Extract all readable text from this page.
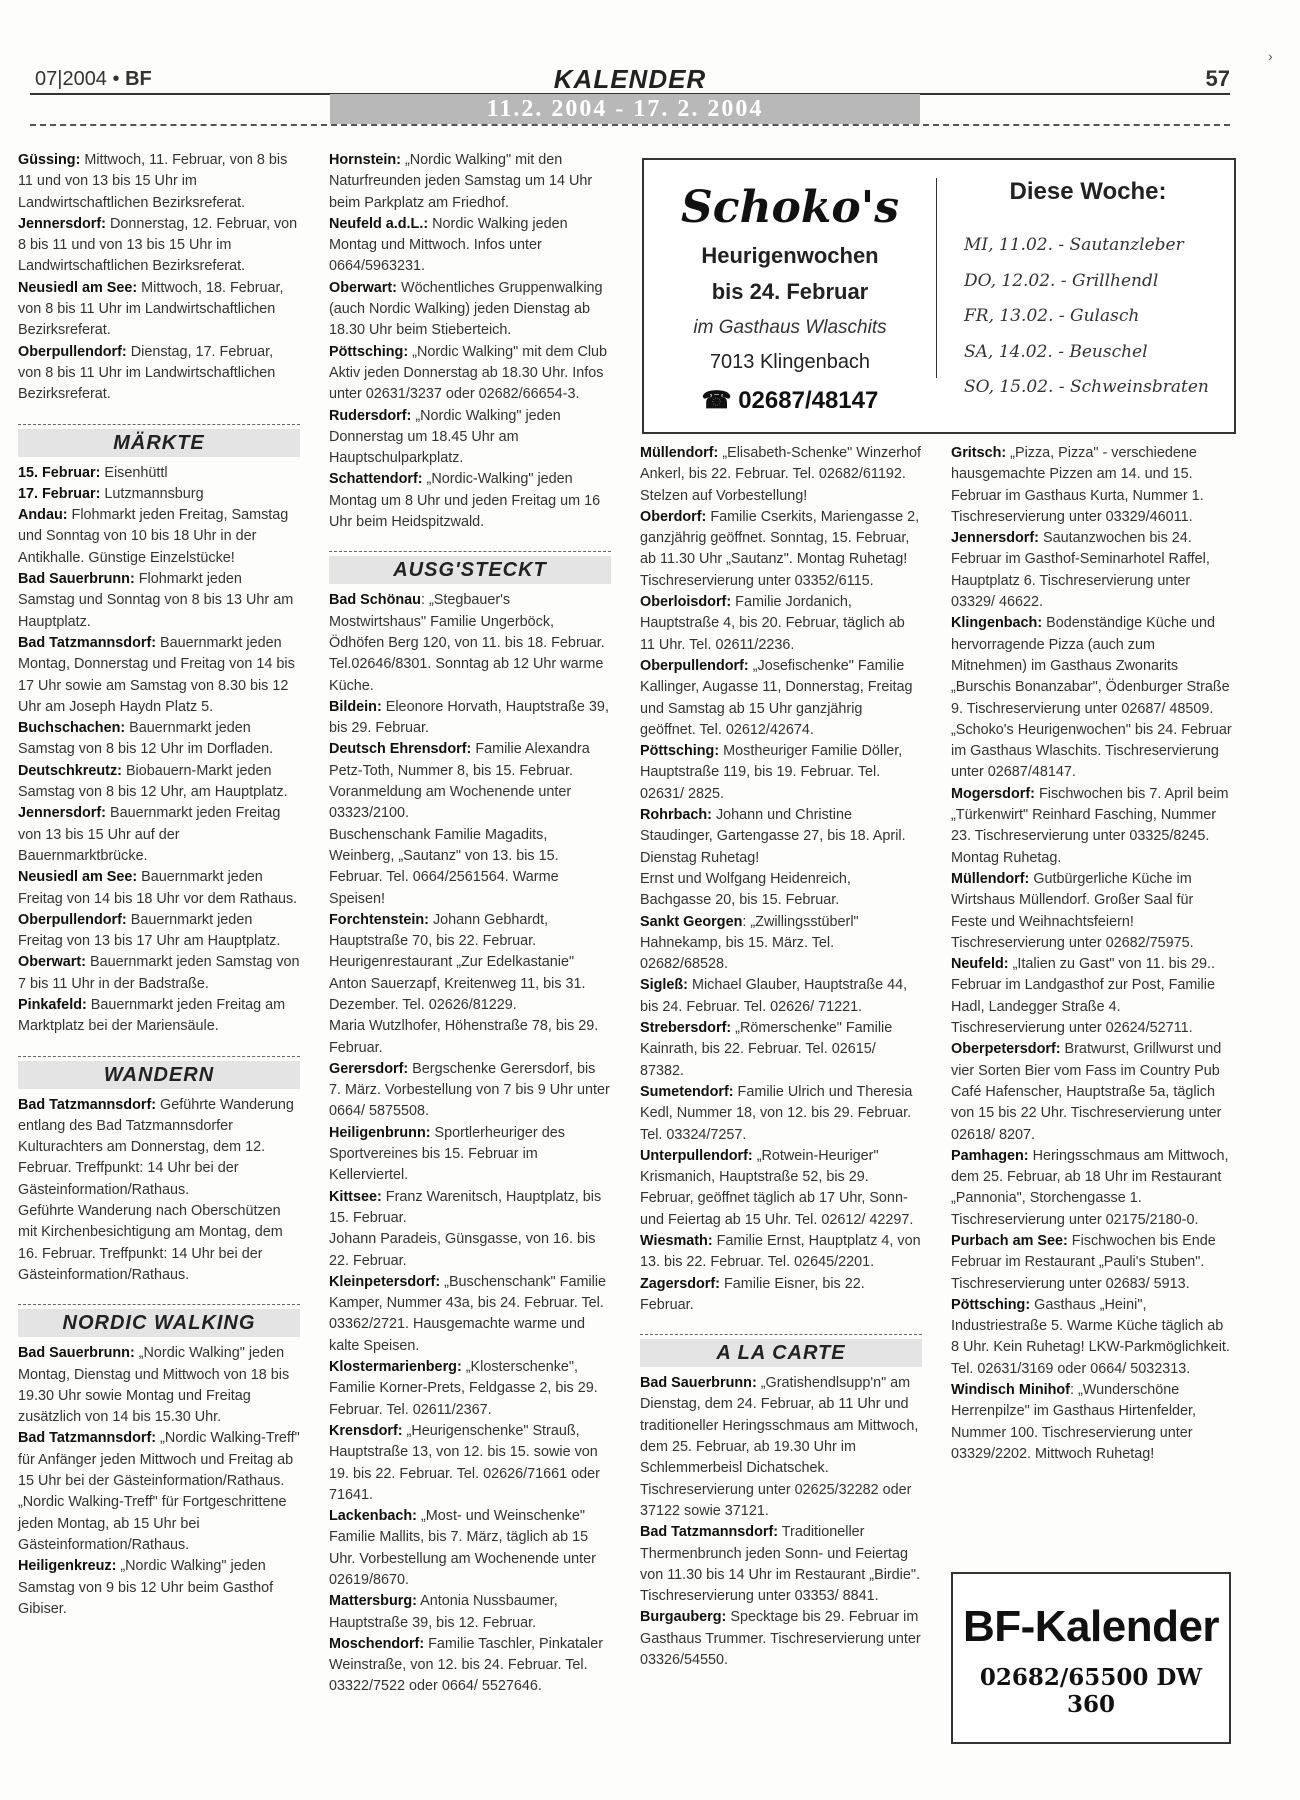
07|2004 • BF	KALENDER	57
11.2. 2004 - 17. 2. 2004

Güssing: Mittwoch, 11. Februar, von 8 bis 11 und von 13 bis 15 Uhr im Landwirtschaftlichen Bezirksreferat.

Jennersdorf: Donnerstag, 12. Februar, von 8 bis 11 und von 13 bis 15 Uhr im Landwirtschaftlichen Bezirksreferat.

Neusiedl am See: Mittwoch, 18. Februar, von 8 bis 11 Uhr im Landwirtschaftlichen Bezirksreferat.

Oberpullendorf: Dienstag, 17. Februar, von 8 bis 11 Uhr im Landwirtschaftlichen Bezirksreferat.

MÄRKTE

15. Februar: Eisenhüttl

17. Februar: Lutzmannsburg

Andau: Flohmarkt jeden Freitag, Samstag und Sonntag von 10 bis 18 Uhr in der Antikhalle. Günstige Einzelstücke!

Bad Sauerbrunn: Flohmarkt jeden Samstag und Sonntag von 8 bis 13 Uhr am Hauptplatz.

Bad Tatzmannsdorf: Bauernmarkt jeden Montag, Donnerstag und Freitag von 14 bis 17 Uhr sowie am Samstag von 8.30 bis 12 Uhr am Joseph Haydn Platz 5.

Buchschachen: Bauernmarkt jeden Samstag von 8 bis 12 Uhr im Dorfladen.

Deutschkreutz: Biobauern-Markt jeden Samstag von 8 bis 12 Uhr, am Hauptplatz.

Jennersdorf: Bauernmarkt jeden Freitag von 13 bis 15 Uhr auf der Bauernmarktbrücke.

Neusiedl am See: Bauernmarkt jeden Freitag von 14 bis 18 Uhr vor dem Rathaus.

Oberpullendorf: Bauernmarkt jeden Freitag von 13 bis 17 Uhr am Hauptplatz.

Oberwart: Bauernmarkt jeden Samstag von 7 bis 11 Uhr in der Badstraße.

Pinkafeld: Bauernmarkt jeden Freitag am Marktplatz bei der Mariensäule.

WANDERN

Bad Tatzmannsdorf: Geführte Wanderung entlang des Bad Tatzmannsdorfer Kulturachters am Donnerstag, dem 12. Februar. Treffpunkt: 14 Uhr bei der Gästeinformation/Rathaus.

Geführte Wanderung nach Oberschützen mit Kirchenbesichtigung am Montag, dem 16. Februar. Treffpunkt: 14 Uhr bei der Gästeinformation/Rathaus.

NORDIC WALKING

Bad Sauerbrunn: „Nordic Walking" jeden Montag, Dienstag und Mittwoch von 18 bis 19.30 Uhr sowie Montag und Freitag zusätzlich von 14 bis 15.30 Uhr.

Bad Tatzmannsdorf: „Nordic Walking-Treff" für Anfänger jeden Mittwoch und Freitag ab 15 Uhr bei der Gästeinformation/Rathaus.

„Nordic Walking-Treff" für Fortgeschrittene jeden Montag, ab 15 Uhr bei Gästeinformation/Rathaus.

Heiligenkreuz: „Nordic Walking" jeden Samstag von 9 bis 12 Uhr beim Gasthof Gibiser.

Hornstein: „Nordic Walking" mit den Naturfreunden jeden Samstag um 14 Uhr beim Parkplatz am Friedhof.

Neufeld a.d.L.: Nordic Walking jeden Montag und Mittwoch. Infos unter 0664/5963231.

Oberwart: Wöchentliches Gruppenwalking (auch Nordic Walking) jeden Dienstag ab 18.30 Uhr beim Stieberteich.

Pöttsching: „Nordic Walking" mit dem Club Aktiv jeden Donnerstag ab 18.30 Uhr. Infos unter 02631/3237 oder 02682/66654-3.

Rudersdorf: „Nordic Walking" jeden Donnerstag um 18.45 Uhr am Hauptschulparkplatz.

Schattendorf: „Nordic-Walking" jeden Montag um 8 Uhr und jeden Freitag um 16 Uhr beim Heidspitzwald.

AUSG'STECKT

Bad Schönau: „Stegbauer's Mostwirtshaus" Familie Ungerböck, Ödhöfen Berg 120, von 11. bis 18. Februar. Tel.02646/8301. Sonntag ab 12 Uhr warme Küche.

Bildein: Eleonore Horvath, Hauptstraße 39, bis 29. Februar.

Deutsch Ehrensdorf: Familie Alexandra Petz-Toth, Nummer 8, bis 15. Februar. Voranmeldung am Wochenende unter 03323/2100.

Buschenschank Familie Magadits, Weinberg, „Sautanz" von 13. bis 15. Februar. Tel. 0664/2561564. Warme Speisen!

Forchtenstein: Johann Gebhardt, Hauptstraße 70, bis 22. Februar.

Heurigenrestaurant „Zur Edelkastanie" Anton Sauerzapf, Kreitenweg 11, bis 31. Dezember. Tel. 02626/81229.

Maria Wutzlhofer, Höhenstraße 78, bis 29. Februar.

Gerersdorf: Bergschenke Gerersdorf, bis 7. März. Vorbestellung von 7 bis 9 Uhr unter 0664/ 5875508.

Heiligenbrunn: Sportlerheuriger des Sportvereines bis 15. Februar im Kellerviertel.

Kittsee: Franz Warenitsch, Hauptplatz, bis 15. Februar.

Johann Paradeis, Günsgasse, von 16. bis 22. Februar.

Kleinpetersdorf: „Buschenschank" Familie Kamper, Nummer 43a, bis 24. Februar. Tel. 03362/2721. Hausgemachte warme und kalte Speisen.

Klostermarienberg: „Klosterschenke", Familie Korner-Prets, Feldgasse 2, bis 29. Februar. Tel. 02611/2367.

Krensdorf: „Heurigenschenke" Strauß, Hauptstraße 13, von 12. bis 15. sowie von 19. bis 22. Februar. Tel. 02626/71661 oder 71641.

Lackenbach: „Most- und Weinschenke" Familie Mallits, bis 7. März, täglich ab 15 Uhr. Vorbestellung am Wochenende unter 02619/8670.

Mattersburg: Antonia Nussbaumer, Hauptstraße 39, bis 12. Februar.

Moschendorf: Familie Taschler, Pinkataler Weinstraße, von 12. bis 24. Februar. Tel. 03322/7522 oder 0664/ 5527646.

Schoko's
Heurigenwochen
bis 24. Februar
im Gasthaus Wlaschits
7013 Klingenbach
☎ 02687/48147
Diese Woche:
MI, 11.02. - Sautanzleber
DO, 12.02. - Grillhendl
FR, 13.02. - Gulasch
SA, 14.02. - Beuschel
SO, 15.02. - Schweinsbraten

Müllendorf: „Elisabeth-Schenke" Winzerhof Ankerl, bis 22. Februar. Tel. 02682/61192. Stelzen auf Vorbestellung!

Oberdorf: Familie Cserkits, Mariengasse 2, ganzjährig geöffnet. Sonntag, 15. Februar, ab 11.30 Uhr „Sautanz". Montag Ruhetag! Tischreservierung unter 03352/6115.

Oberloisdorf: Familie Jordanich, Hauptstraße 4, bis 20. Februar, täglich ab 11 Uhr. Tel. 02611/2236.

Oberpullendorf: „Josefischenke" Familie Kallinger, Augasse 11, Donnerstag, Freitag und Samstag ab 15 Uhr ganzjährig geöffnet. Tel. 02612/42674.

Pöttsching: Mostheuriger Familie Döller, Hauptstraße 119, bis 19. Februar. Tel. 02631/ 2825.

Rohrbach: Johann und Christine Staudinger, Gartengasse 27, bis 18. April. Dienstag Ruhetag!

Ernst und Wolfgang Heidenreich, Bachgasse 20, bis 15. Februar.

Sankt Georgen: „Zwillingsstüberl" Hahnekamp, bis 15. März. Tel. 02682/68528.

Sigleß: Michael Glauber, Hauptstraße 44, bis 24. Februar. Tel. 02626/ 71221.

Strebersdorf: „Römerschenke" Familie Kainrath, bis 22. Februar. Tel. 02615/ 87382.

Sumetendorf: Familie Ulrich und Theresia Kedl, Nummer 18, von 12. bis 29. Februar. Tel. 03324/7257.

Unterpullendorf: „Rotwein-Heuriger" Krismanich, Hauptstraße 52, bis 29. Februar, geöffnet täglich ab 17 Uhr, Sonn- und Feiertag ab 15 Uhr. Tel. 02612/ 42297.

Wiesmath: Familie Ernst, Hauptplatz 4, von 13. bis 22. Februar. Tel. 02645/2201.

Zagersdorf: Familie Eisner, bis 22. Februar.

A LA CARTE

Bad Sauerbrunn: „Gratishendlsupp'n" am Dienstag, dem 24. Februar, ab 11 Uhr und traditioneller Heringsschmaus am Mittwoch, dem 25. Februar, ab 19.30 Uhr im Schlemmerbeisl Dichatschek. Tischreservierung unter 02625/32282 oder 37122 sowie 37121.

Bad Tatzmannsdorf: Traditioneller Thermenbrunch jeden Sonn- und Feiertag von 11.30 bis 14 Uhr im Restaurant „Birdie". Tischreservierung unter 03353/ 8841.

Burgauberg: Specktage bis 29. Februar im Gasthaus Trummer. Tischreservierung unter 03326/54550.

Gritsch: „Pizza, Pizza" - verschiedene hausgemachte Pizzen am 14. und 15. Februar im Gasthaus Kurta, Nummer 1. Tischreservierung unter 03329/46011.

Jennersdorf: Sautanzwochen bis 24. Februar im Gasthof-Seminarhotel Raffel, Hauptplatz 6. Tischreservierung unter 03329/ 46622.

Klingenbach: Bodenständige Küche und hervorragende Pizza (auch zum Mitnehmen) im Gasthaus Zwonarits „Burschis Bonanzabar", Ödenburger Straße 9. Tischreservierung unter 02687/ 48509.

„Schoko's Heurigenwochen" bis 24. Februar im Gasthaus Wlaschits. Tischreservierung unter 02687/48147.

Mogersdorf: Fischwochen bis 7. April beim „Türkenwirt" Reinhard Fasching, Nummer 23. Tischreservierung unter 03325/8245. Montag Ruhetag.

Müllendorf: Gutbürgerliche Küche im Wirtshaus Müllendorf. Großer Saal für Feste und Weihnachtsfeiern! Tischreservierung unter 02682/75975.

Neufeld: „Italien zu Gast" von 11. bis 29.. Februar im Landgasthof zur Post, Familie Hadl, Landegger Straße 4. Tischreservierung unter 02624/52711.

Oberpetersdorf: Bratwurst, Grillwurst und vier Sorten Bier vom Fass im Country Pub Café Hafenscher, Hauptstraße 5a, täglich von 15 bis 22 Uhr. Tischreservierung unter 02618/ 8207.

Pamhagen: Heringsschmaus am Mittwoch, dem 25. Februar, ab 18 Uhr im Restaurant „Pannonia", Storchengasse 1. Tischreservierung unter 02175/2180-0.

Purbach am See: Fischwochen bis Ende Februar im Restaurant „Pauli's Stuben". Tischreservierung unter 02683/ 5913.

Pöttsching: Gasthaus „Heini", Industriestraße 5. Warme Küche täglich ab 8 Uhr. Kein Ruhetag! LKW-Parkmöglichkeit. Tel. 02631/3169 oder 0664/ 5032313.

Windisch Minihof: „Wunderschöne Herrenpilze" im Gasthaus Hirtenfelder, Nummer 100. Tischreservierung unter 03329/2202. Mittwoch Ruhetag!

BF-Kalender
02682/65500 DW 360
›
